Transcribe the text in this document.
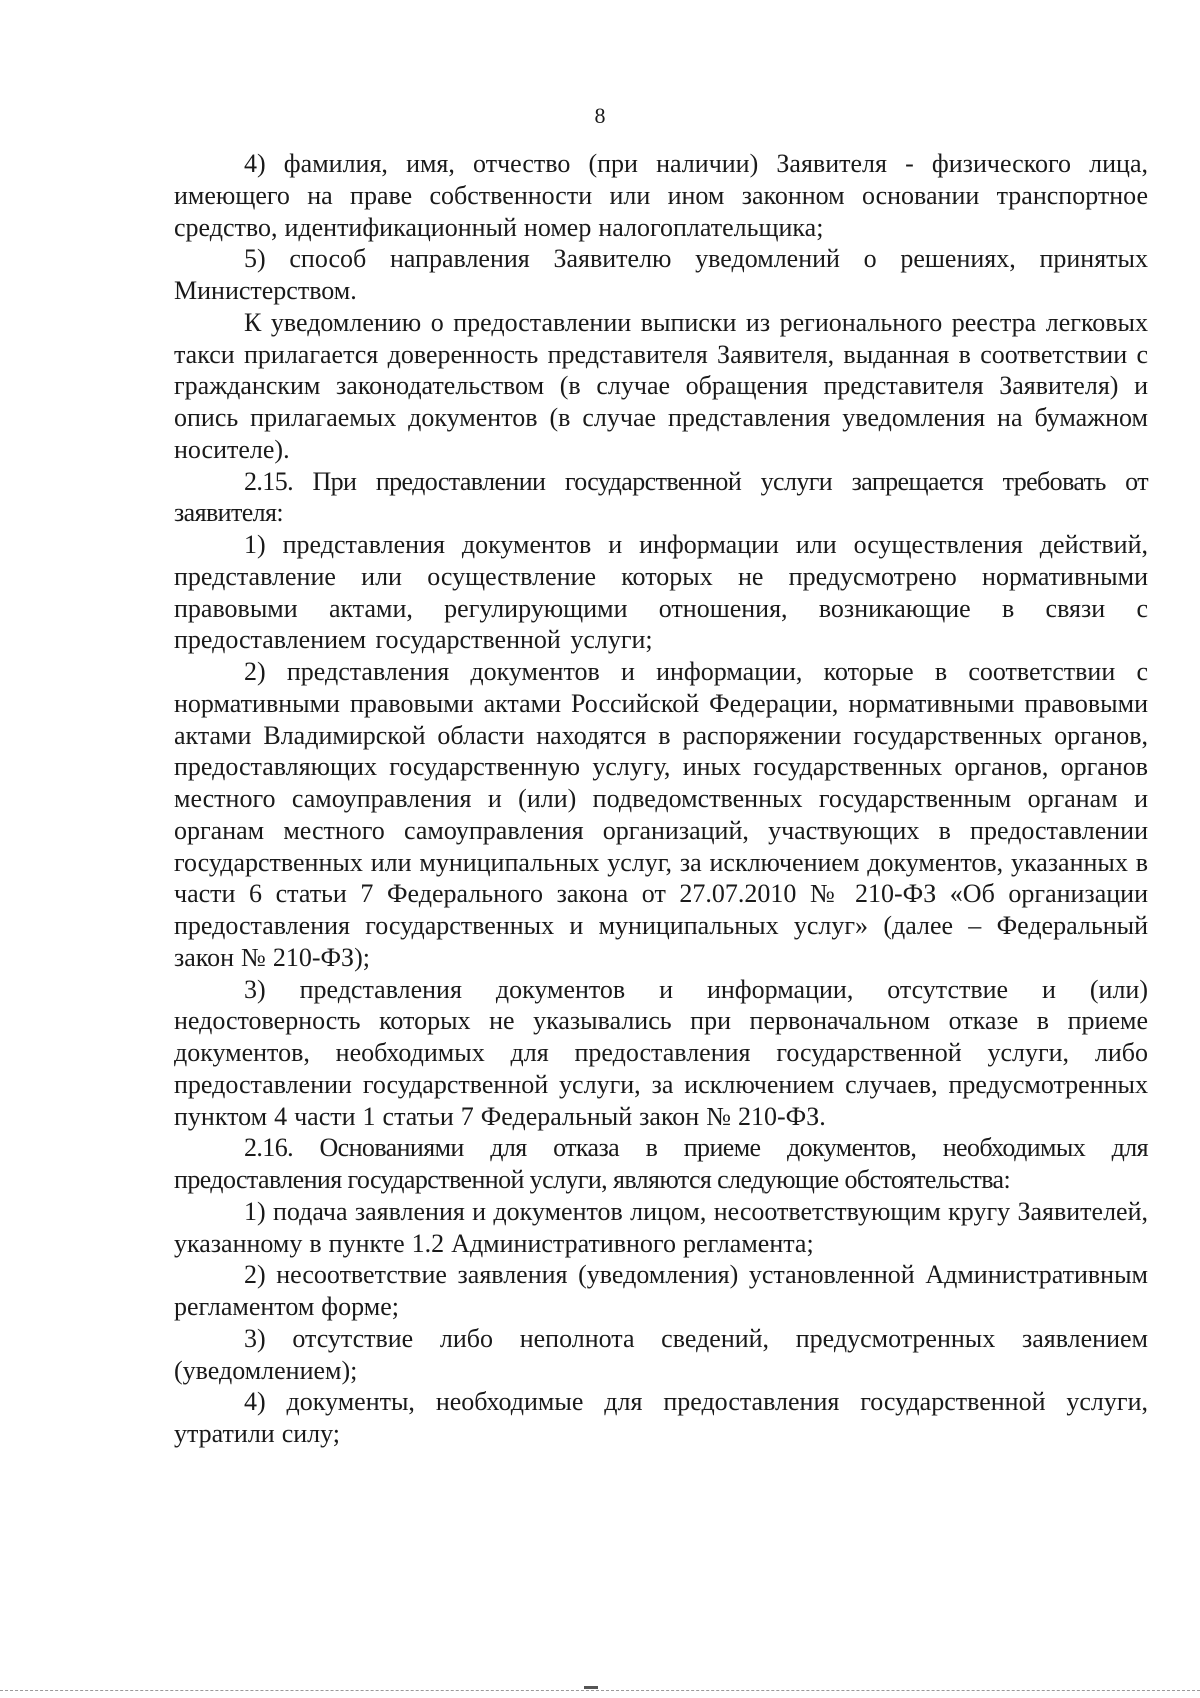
8

4) фамилия, имя, отчество (при наличии) Заявителя - физического лица, имеющего на праве собственности или ином законном основании транспортное средство, идентификационный номер налогоплательщика;

5) способ направления Заявителю уведомлений о решениях, принятых Министерством.

К уведомлению о предоставлении выписки из регионального реестра легковых такси прилагается доверенность представителя Заявителя, выданная в соответствии с гражданским законодательством (в случае обращения представителя Заявителя) и опись прилагаемых документов (в случае представления уведомления на бумажном носителе).

2.15. При предоставлении государственной услуги запрещается требовать от заявителя:

1) представления документов и информации или осуществления действий, представление или осуществление которых не предусмотрено нормативными правовыми актами, регулирующими отношения, возникающие в связи с предоставлением государственной услуги;

2) представления документов и информации, которые в соответствии с нормативными правовыми актами Российской Федерации, нормативными правовыми актами Владимирской области находятся в распоряжении государственных органов, предоставляющих государственную услугу, иных государственных органов, органов местного самоуправления и (или) подведомственных государственным органам и органам местного самоуправления организаций, участвующих в предоставлении государственных или муниципальных услуг, за исключением документов, указанных в части 6 статьи 7 Федерального закона от 27.07.2010 № 210-ФЗ «Об организации предоставления государственных и муниципальных услуг» (далее – Федеральный закон № 210-ФЗ);

3) представления документов и информации, отсутствие и (или) недостоверность которых не указывались при первоначальном отказе в приеме документов, необходимых для предоставления государственной услуги, либо предоставлении государственной услуги, за исключением случаев, предусмотренных пунктом 4 части 1 статьи 7 Федеральный закон № 210-ФЗ.

2.16. Основаниями для отказа в приеме документов, необходимых для предоставления государственной услуги, являются следующие обстоятельства:

1) подача заявления и документов лицом, несоответствующим кругу Заявителей, указанному в пункте 1.2 Административного регламента;

2) несоответствие заявления (уведомления) установленной Административным регламентом форме;

3) отсутствие либо неполнота сведений, предусмотренных заявлением (уведомлением);

4) документы, необходимые для предоставления государственной услуги, утратили силу;
